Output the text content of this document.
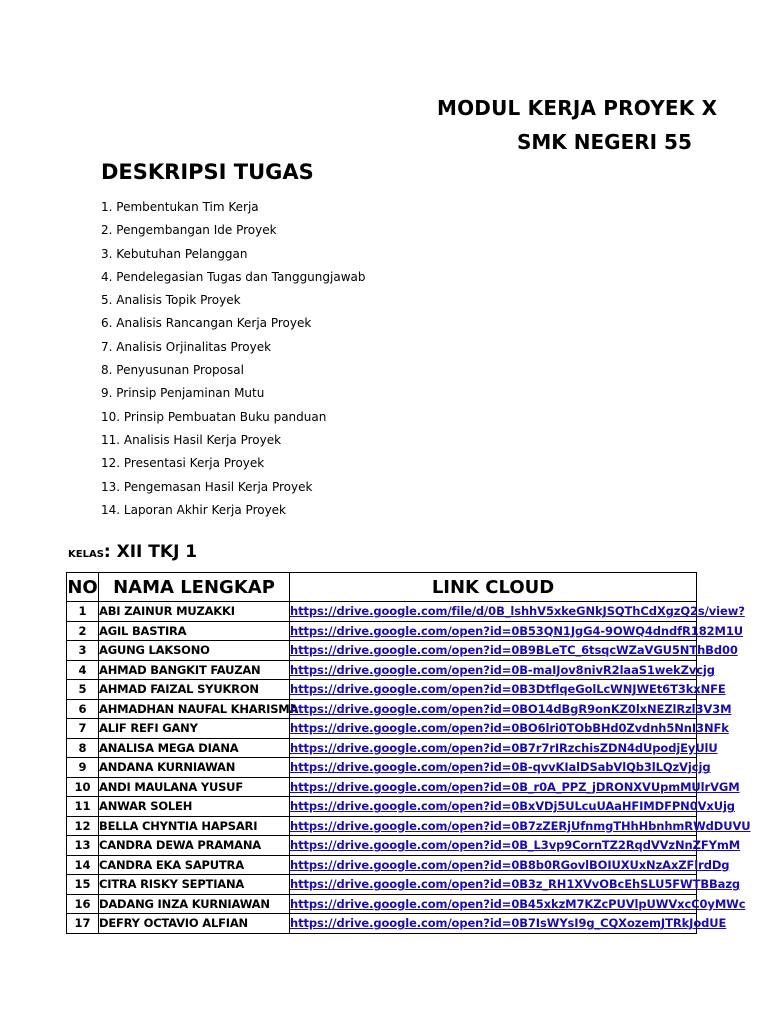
MODUL KERJA PROYEK X
SMK NEGERI 55
DESKRIPSI TUGAS
1. Pembentukan Tim Kerja
2. Pengembangan Ide Proyek
3. Kebutuhan Pelanggan
4. Pendelegasian Tugas dan Tanggungjawab
5. Analisis Topik Proyek
6. Analisis Rancangan Kerja Proyek
7. Analisis Orjinalitas Proyek
8. Penyusunan Proposal
9. Prinsip Penjaminan Mutu
10. Prinsip Pembuatan Buku panduan
11. Analisis Hasil Kerja Proyek
12. Presentasi Kerja Proyek
13. Pengemasan Hasil Kerja Proyek
14. Laporan Akhir Kerja Proyek
KELAS: XII TKJ 1
NO	NAMA LENGKAP	LINK CLOUD
1	ABI ZAINUR MUZAKKI	https://drive.google.com/file/d/0B_lshhV5xkeGNkJSQThCdXgzQ2s/view?
2	AGIL BASTIRA	https://drive.google.com/open?id=0B53QN1JgG4-9OWQ4dndfR182M1U
3	AGUNG LAKSONO	https://drive.google.com/open?id=0B9BLeTC_6tsqcWZaVGU5NThBd00
4	AHMAD BANGKIT FAUZAN	https://drive.google.com/open?id=0B-maIJov8nivR2laaS1wekZvcjg
5	AHMAD FAIZAL SYUKRON	https://drive.google.com/open?id=0B3DtflqeGolLcWNJWEt6T3kxNFE
6	AHMADHAN NAUFAL KHARISMA	https://drive.google.com/open?id=0BO14dBgR9onKZ0lxNEZlRzl3V3M
7	ALIF REFI GANY	https://drive.google.com/open?id=0BO6lri0TObBHd0Zvdnh5NnI3NFk
8	ANALISA MEGA DIANA	https://drive.google.com/open?id=0B7r7rIRzchisZDN4dUpodjEyUlU
9	ANDANA KURNIAWAN	https://drive.google.com/open?id=0B-qvvKIalDSabVlQb3lLQzVjcjg
10	ANDI MAULANA YUSUF	https://drive.google.com/open?id=0B_r0A_PPZ_jDRONXVUpmMUlrVGM
11	ANWAR SOLEH	https://drive.google.com/open?id=0BxVDj5ULcuUAaHFIMDFPN0VxUjg
12	BELLA CHYNTIA HAPSARI	https://drive.google.com/open?id=0B7zZERjUfnmgTHhHbnhmRWdDUVU
13	CANDRA DEWA PRAMANA	https://drive.google.com/open?id=0B_L3vp9CornTZ2RqdVVzNnZFYmM
14	CANDRA EKA SAPUTRA	https://drive.google.com/open?id=0B8b0RGovlBOIUXUxNzAxZFlrdDg
15	CITRA RISKY SEPTIANA	https://drive.google.com/open?id=0B3z_RH1XVvOBcEhSLU5FWTBBazg
16	DADANG INZA KURNIAWAN	https://drive.google.com/open?id=0B45xkzM7KZcPUVlpUWVxcC0yMWc
17	DEFRY OCTAVIO ALFIAN	https://drive.google.com/open?id=0B7IsWYsI9g_CQXozemJTRkJodUE
